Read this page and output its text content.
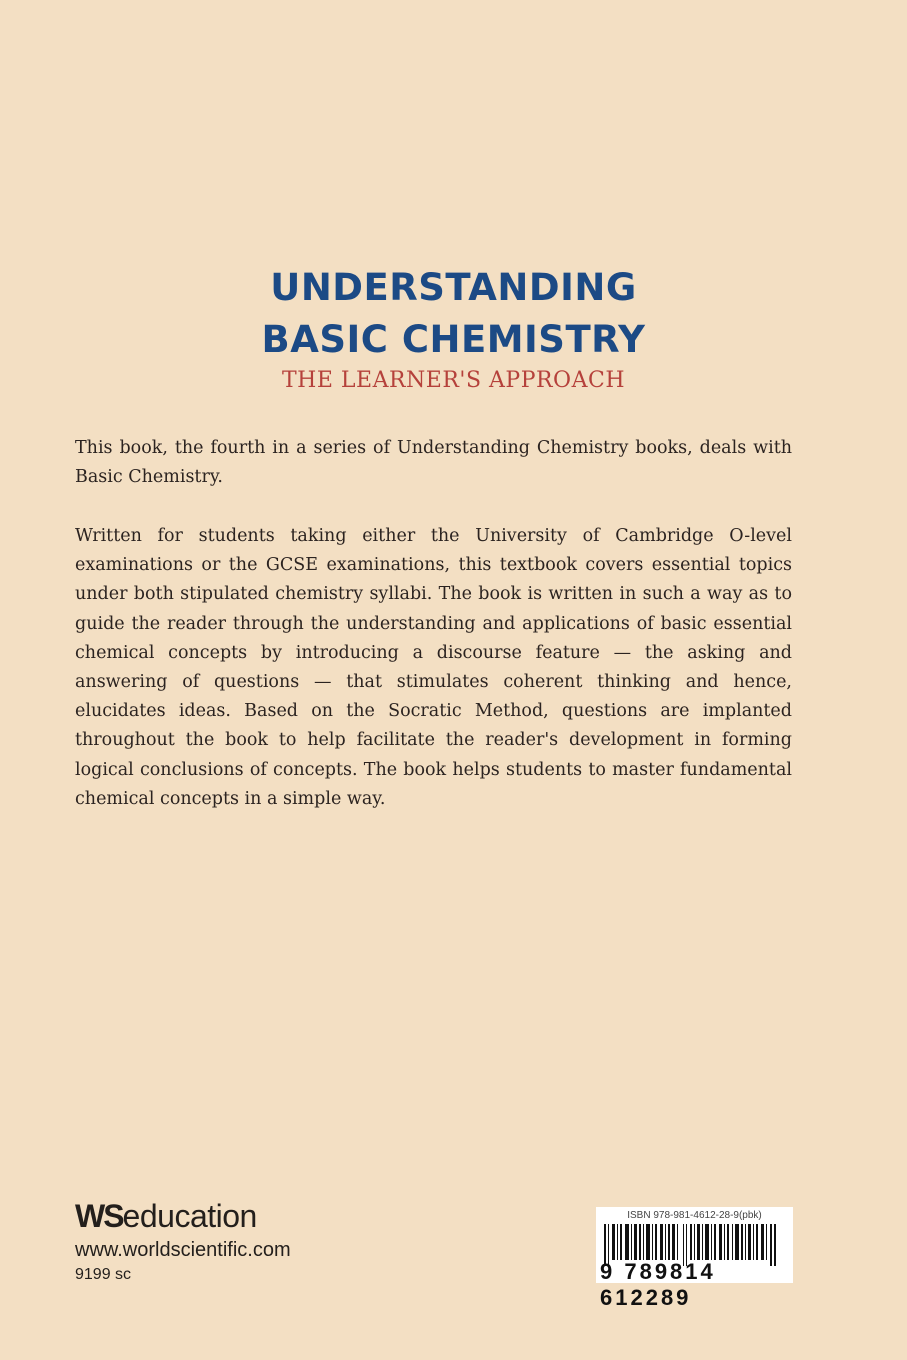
UNDERSTANDING
BASIC CHEMISTRY
THE LEARNER'S APPROACH
This book, the fourth in a series of Understanding Chemistry books, deals with Basic Chemistry.
Written for students taking either the University of Cambridge O-level examinations or the GCSE examinations, this textbook covers essential topics under both stipulated chemistry syllabi. The book is written in such a way as to guide the reader through the understanding and applications of basic essential chemical concepts by introducing a discourse feature — the asking and answering of questions — that stimulates coherent thinking and hence, elucidates ideas. Based on the Socratic Method, questions are implanted throughout the book to help facilitate the reader's development in forming logical conclusions of concepts. The book helps students to master fundamental chemical concepts in a simple way.
WSeducation
www.worldscientific.com
9199 sc
ISBN 978-981-4612-28-9(pbk)
9 789814 612289
